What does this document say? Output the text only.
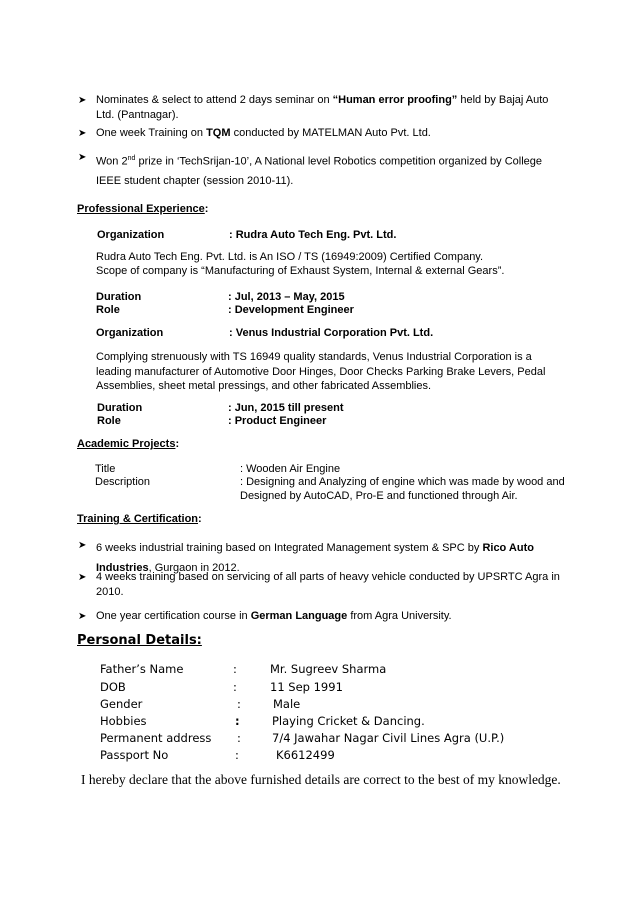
➤ Nominates & select to attend 2 days seminar on “Human error proofing” held by Bajaj Auto Ltd. (Pantnagar).
➤ One week Training on TQM conducted by MATELMAN Auto Pvt. Ltd.
➤ Won 2nd prize in ‘TechSrijan-10’, A National level Robotics competition organized by College IEEE student chapter (session 2010-11).
Professional Experience:
Organization	: Rudra Auto Tech Eng. Pvt. Ltd.
Rudra Auto Tech Eng. Pvt. Ltd. is An ISO / TS (16949:2009) Certified Company.
Scope of company is “Manufacturing of Exhaust System, Internal & external Gears”.
Duration	: Jul, 2013 – May, 2015
Role	: Development Engineer
Organization	: Venus Industrial Corporation Pvt. Ltd.
Complying strenuously with TS 16949 quality standards, Venus Industrial Corporation is a leading manufacturer of Automotive Door Hinges, Door Checks Parking Brake Levers, Pedal Assemblies, sheet metal pressings, and other fabricated Assemblies.
Duration	: Jun, 2015 till present
Role	: Product Engineer
Academic Projects:
Title	: Wooden Air Engine
Description	: Designing and Analyzing of engine which was made by wood and Designed by AutoCAD, Pro-E and functioned through Air.
Training & Certification:
➤ 6 weeks industrial training based on Integrated Management system & SPC by Rico Auto Industries, Gurgaon in 2012.
➤ 4 weeks training based on servicing of all parts of heavy vehicle conducted by UPSRTC Agra in 2010.
➤ One year certification course in German Language from Agra University.
Personal Details:
Father’s Name	:	Mr. Sugreev Sharma
DOB	:	11 Sep 1991
Gender	:	Male
Hobbies	:	Playing Cricket & Dancing.
Permanent address :	7/4 Jawahar Nagar Civil Lines Agra (U.P.)
Passport No	:	K6612499
I hereby declare that the above furnished details are correct to the best of my knowledge.
